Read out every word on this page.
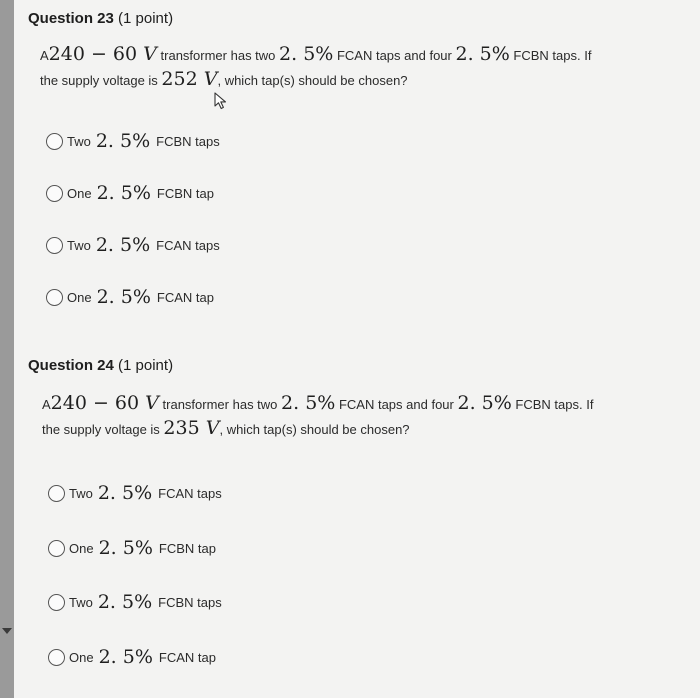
Question 23 (1 point)
A240 − 60 V transformer has two 2. 5% FCAN taps and four 2. 5% FCBN taps. If
the supply voltage is 252 V, which tap(s) should be chosen?
Two 2. 5% FCBN taps
One 2. 5% FCBN tap
Two 2. 5% FCAN taps
One 2. 5% FCAN tap
Question 24 (1 point)
A240 − 60 V transformer has two 2. 5% FCAN taps and four 2. 5% FCBN taps. If
the supply voltage is 235 V, which tap(s) should be chosen?
Two 2. 5% FCAN taps
One 2. 5% FCBN tap
Two 2. 5% FCBN taps
One 2. 5% FCAN tap
